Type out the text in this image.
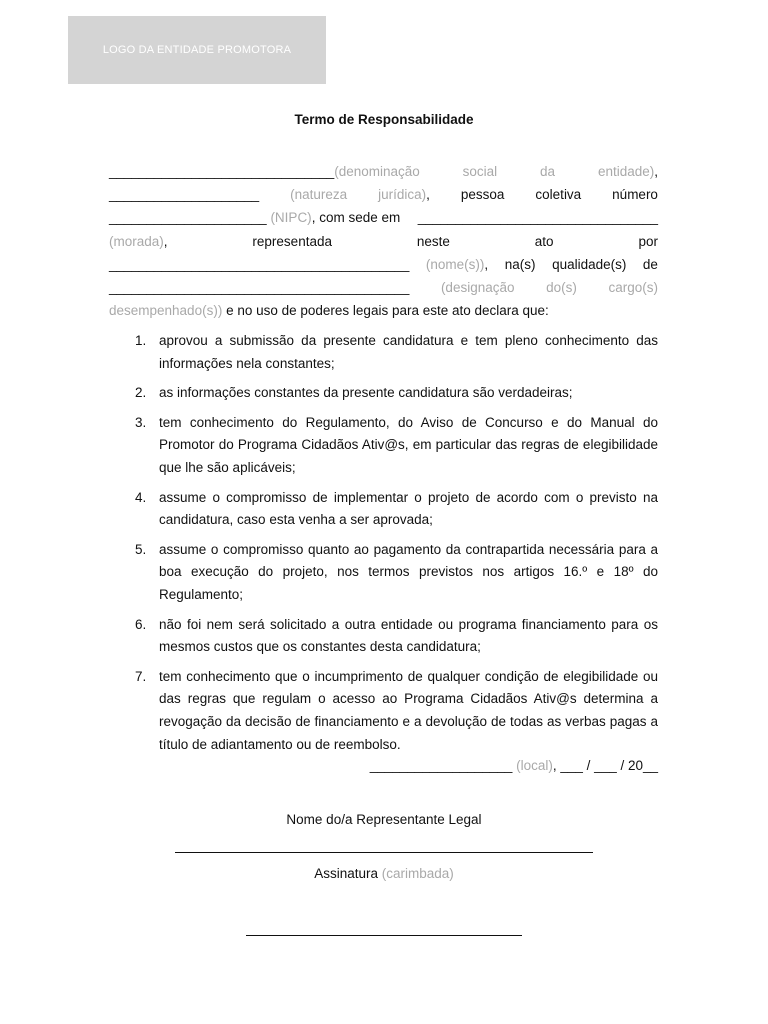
LOGO DA ENTIDADE PROMOTORA
Termo de Responsabilidade
______________________________(denominação	social	da	entidade),
____________________ (natureza jurídica), pessoa coletiva número
_____________________ (NIPC), com sede em ________________________________
(morada),	representada	neste	ato	por
________________________________________ (nome(s)), na(s) qualidade(s) de
________________________________________ (designação do(s) cargo(s)
desempenhado(s)) e no uso de poderes legais para este ato declara que:
1. aprovou a submissão da presente candidatura e tem pleno conhecimento das informações nela constantes;
2. as informações constantes da presente candidatura são verdadeiras;
3. tem conhecimento do Regulamento, do Aviso de Concurso e do Manual do Promotor do Programa Cidadãos Ativ@s, em particular das regras de elegibilidade que lhe são aplicáveis;
4. assume o compromisso de implementar o projeto de acordo com o previsto na candidatura, caso esta venha a ser aprovada;
5. assume o compromisso quanto ao pagamento da contrapartida necessária para a boa execução do projeto, nos termos previstos nos artigos 16.º e 18º do Regulamento;
6. não foi nem será solicitado a outra entidade ou programa financiamento para os mesmos custos que os constantes desta candidatura;
7. tem conhecimento que o incumprimento de qualquer condição de elegibilidade ou das regras que regulam o acesso ao Programa Cidadãos Ativ@s determina a revogação da decisão de financiamento e a devolução de todas as verbas pagas a título de adiantamento ou de reembolso.
___________________ (local), ___ / ___ / 20__
Nome do/a Representante Legal
Assinatura (carimbada)
